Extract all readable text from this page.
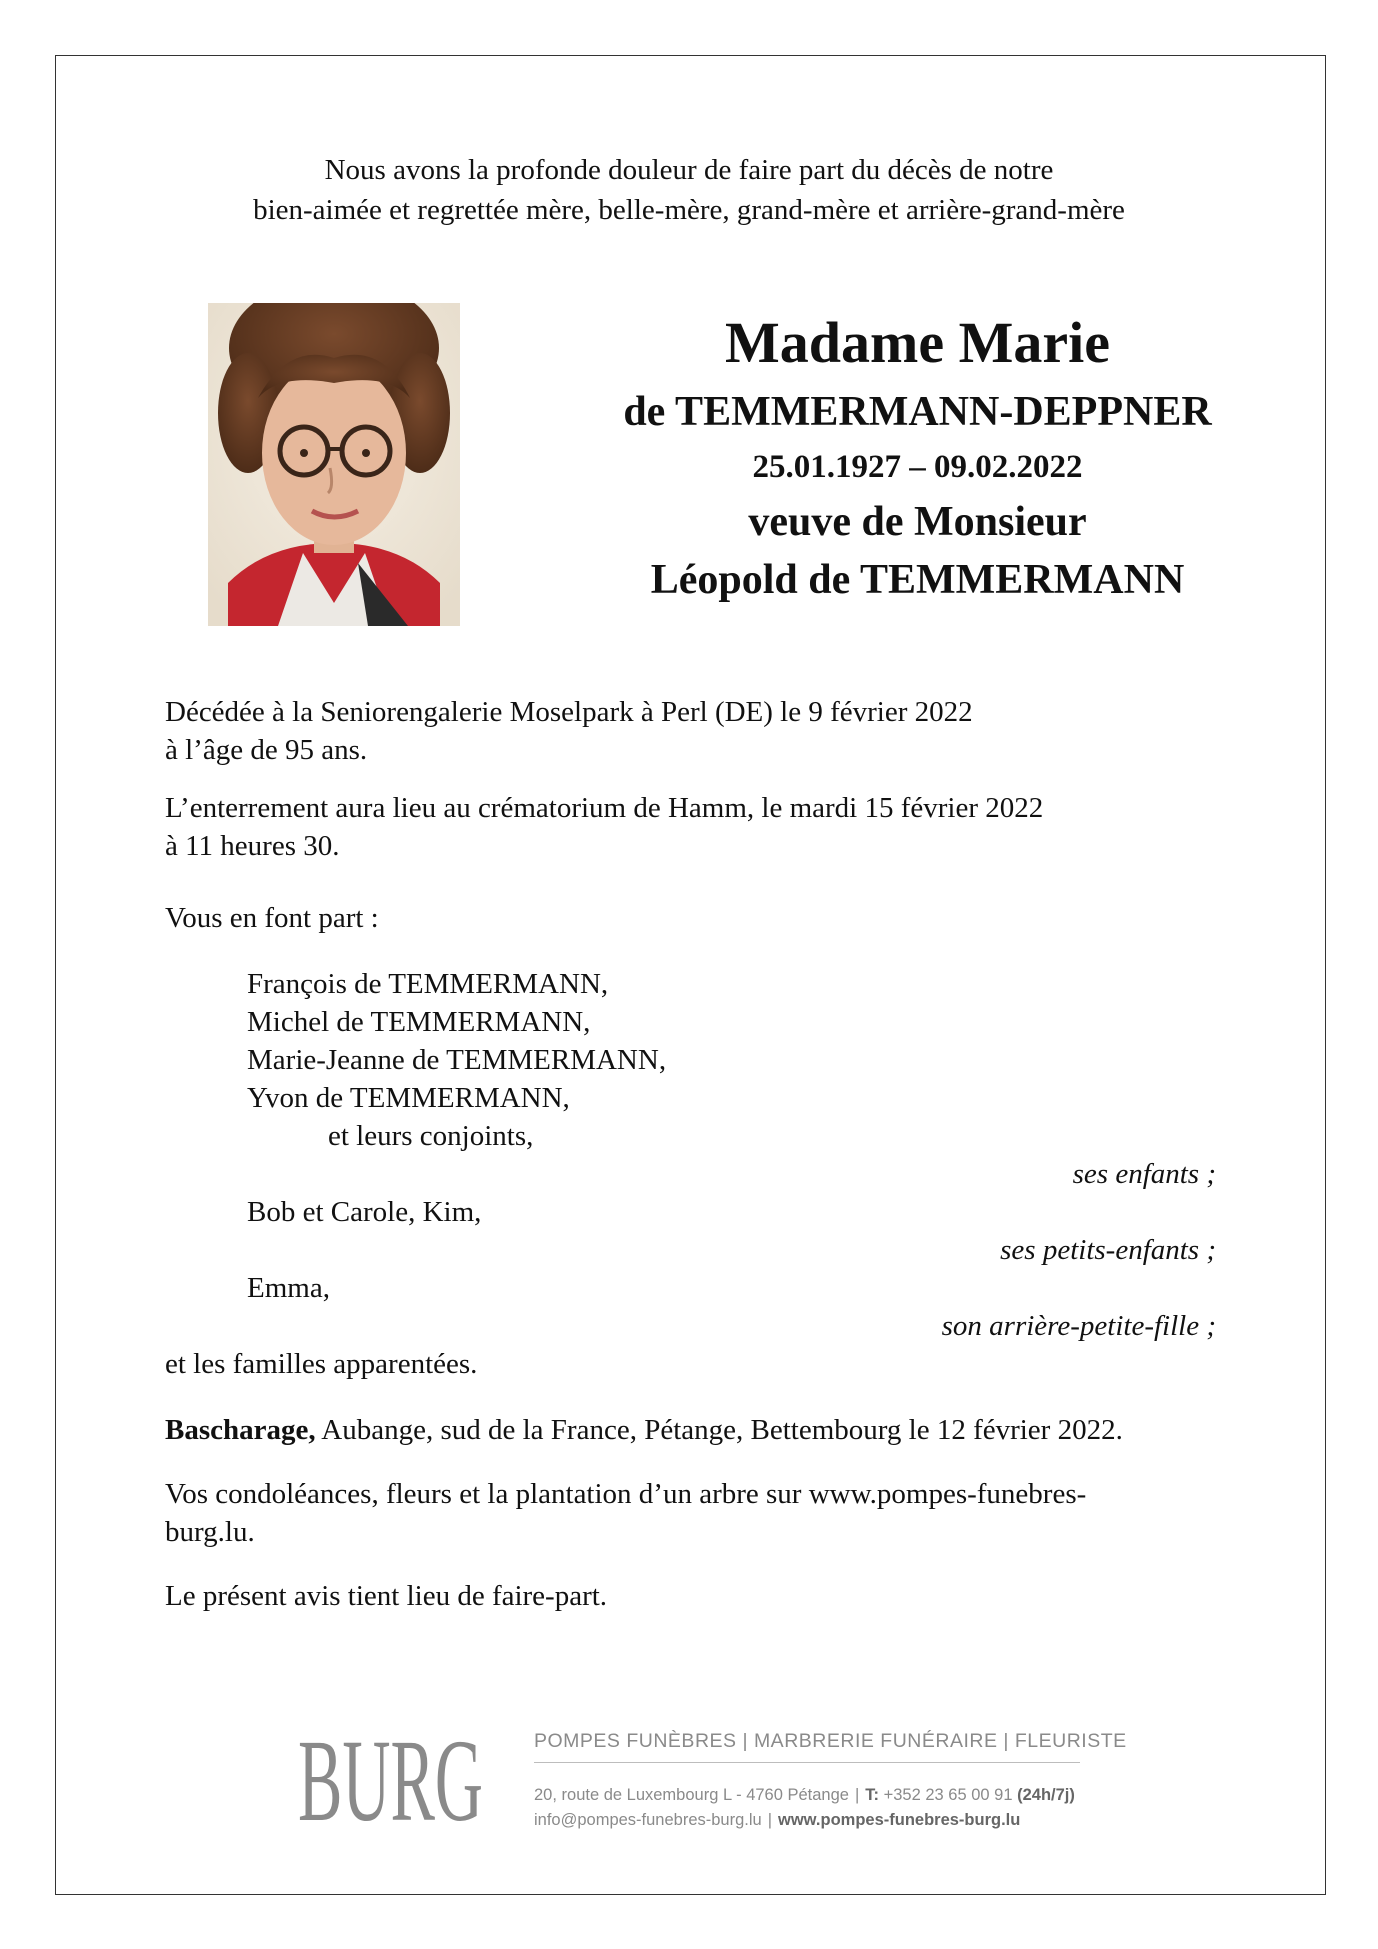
Nous avons la profonde douleur de faire part du décès de notre
bien-aimée et regrettée mère, belle-mère, grand-mère et arrière-grand-mère
Madame Marie
de TEMMERMANN-DEPPNER
25.01.1927 – 09.02.2022
veuve de Monsieur
Léopold de TEMMERMANN
Décédée à la Seniorengalerie Moselpark à Perl (DE) le 9 février 2022
à l’âge de 95 ans.
L’enterrement aura lieu au crématorium de Hamm, le mardi 15 février 2022
à 11 heures 30.
Vous en font part :
François de TEMMERMANN,
Michel de TEMMERMANN,
Marie-Jeanne de TEMMERMANN,
Yvon de TEMMERMANN,
et leurs conjoints,
ses enfants ;
Bob et Carole, Kim,
ses petits-enfants ;
Emma,
son arrière-petite-fille ;
et les familles apparentées.
Bascharage, Aubange, sud de la France, Pétange, Bettembourg le 12 février 2022.
Vos condoléances, fleurs et la plantation d’un arbre sur www.pompes-funebres-
burg.lu.
Le présent avis tient lieu de faire-part.
BURG	POMPES FUNÈBRES | MARBRERIE FUNÉRAIRE | FLEURISTE
20, route de Luxembourg L - 4760 Pétange | T: +352 23 65 00 91 (24h/7j)
info@pompes-funebres-burg.lu | www.pompes-funebres-burg.lu
